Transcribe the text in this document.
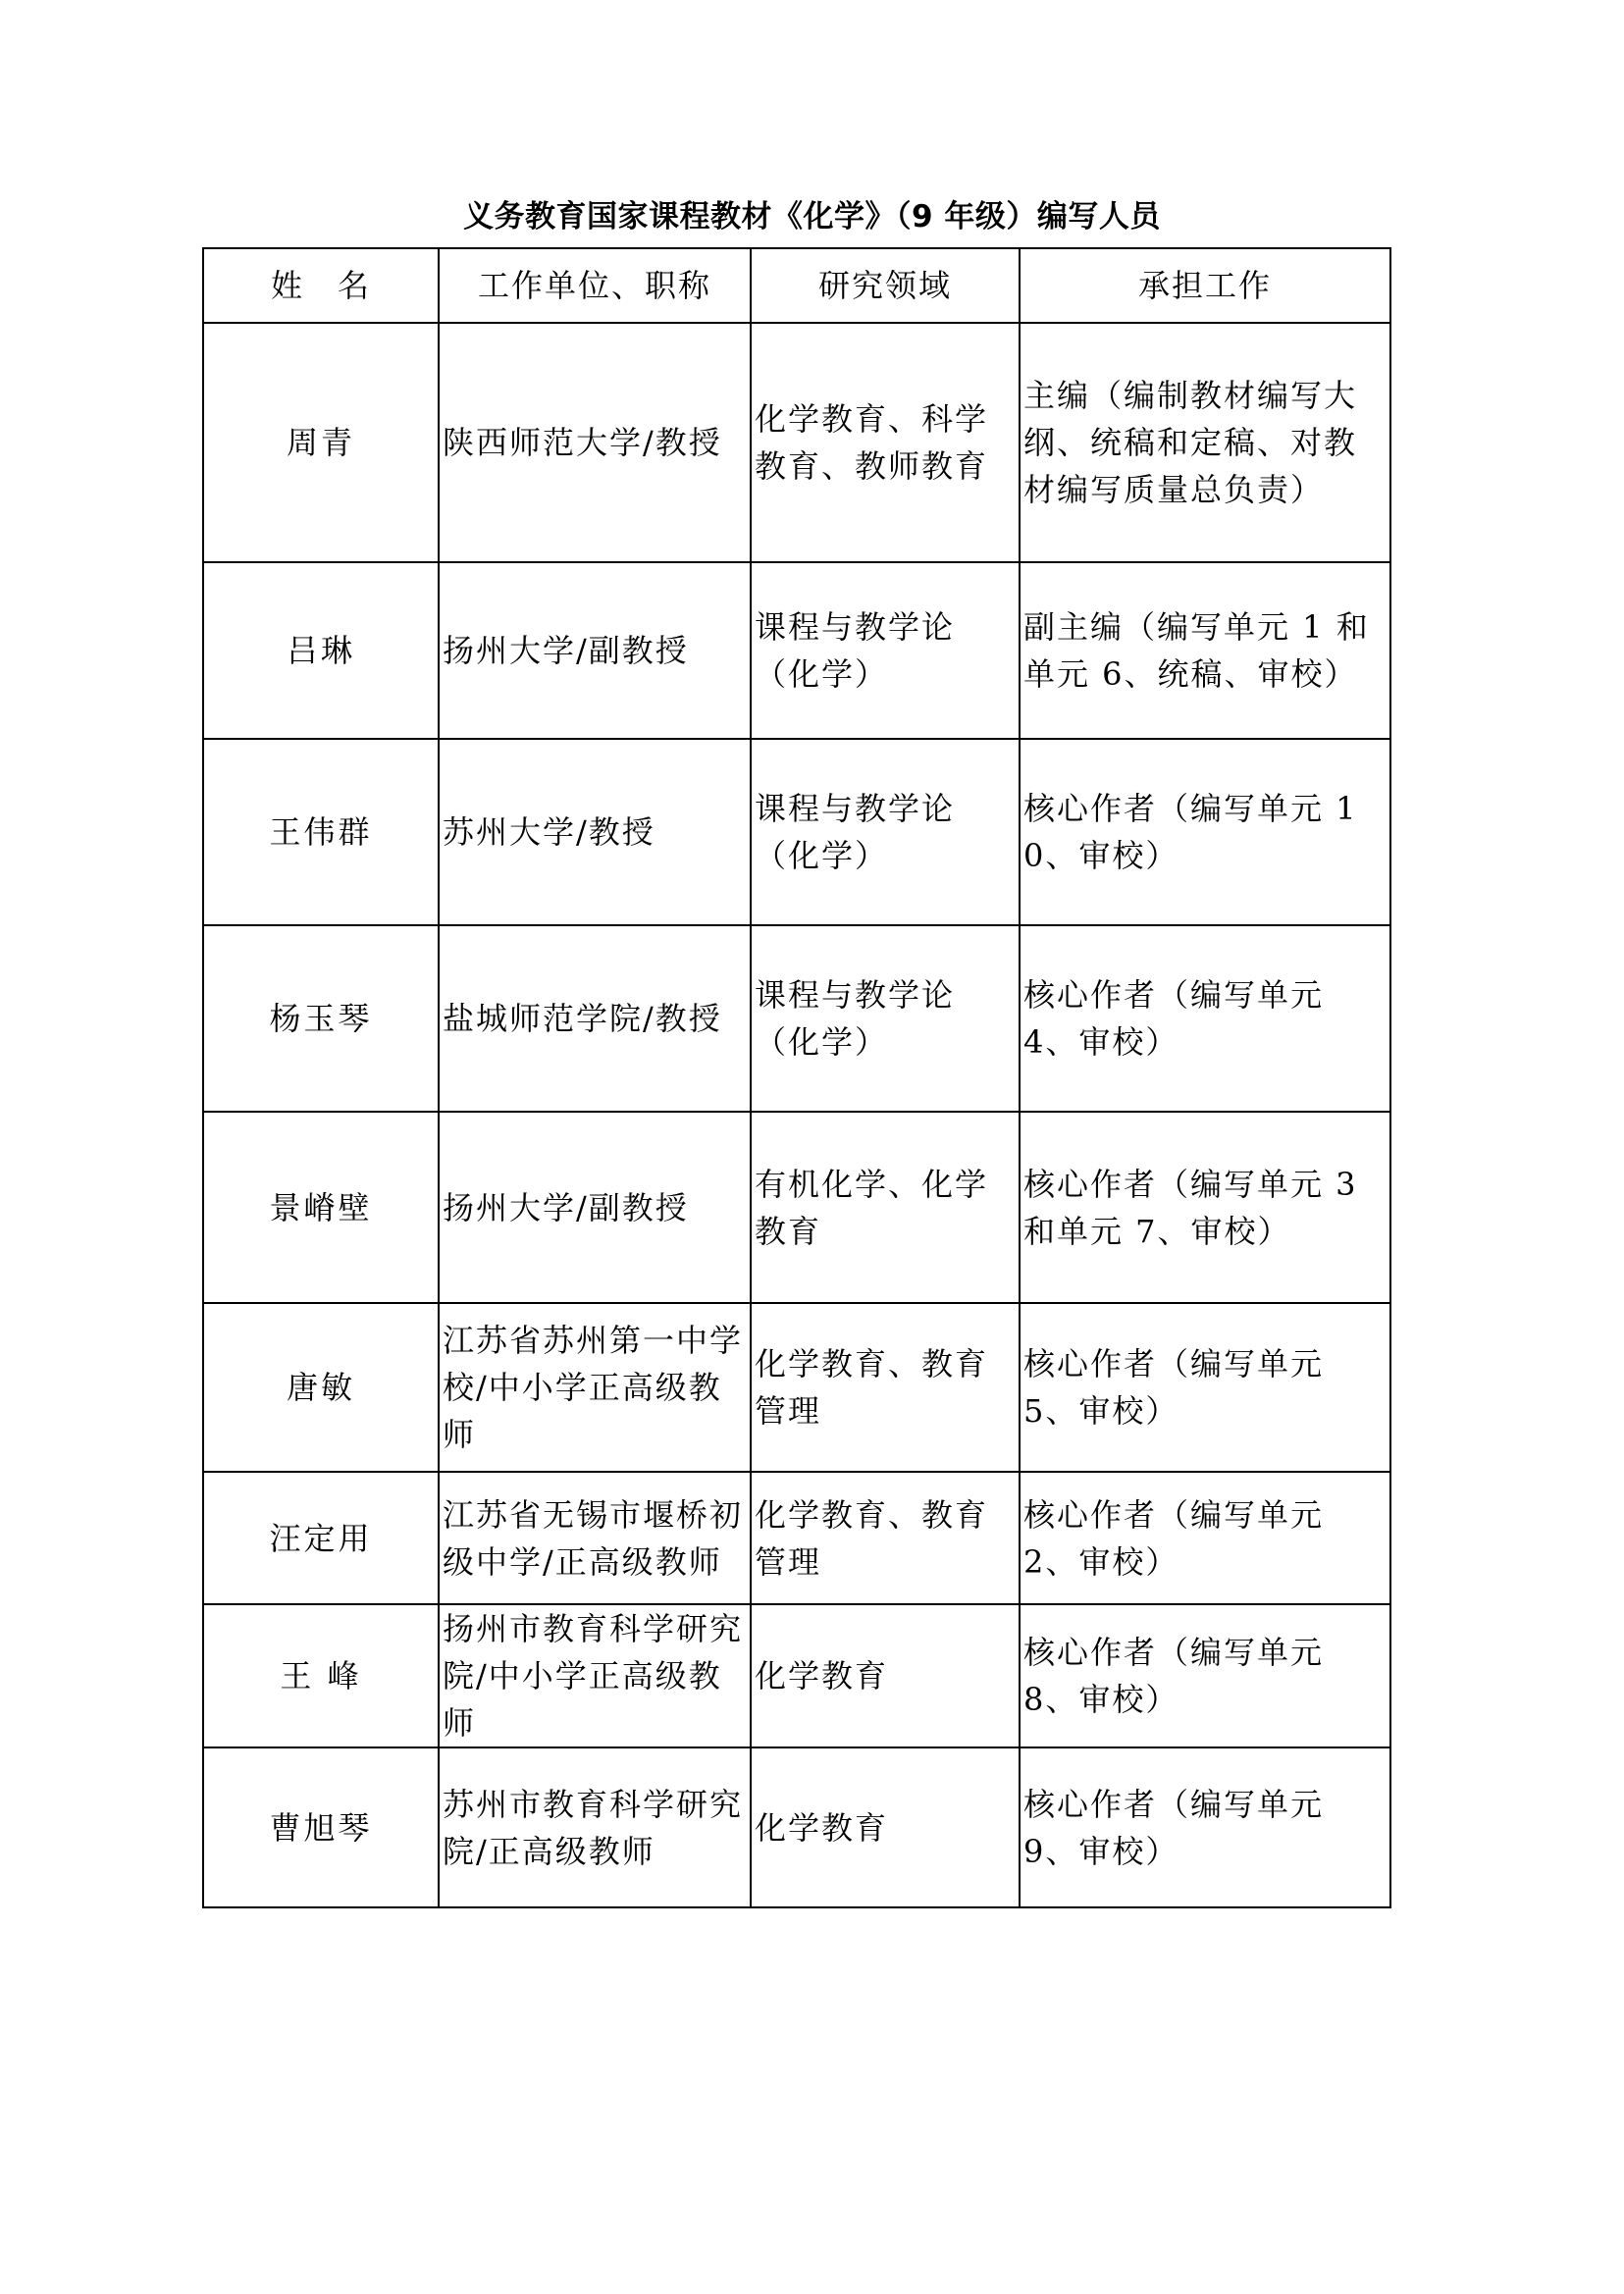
义务教育国家课程教材《化学》（9 年级）编写人员
姓　名	工作单位、职称	研究领域	承担工作
周青	陕西师范大学/教授	化学教育、科学教育、教师教育	主编（编制教材编写大纲、统稿和定稿、对教材编写质量总负责）
吕琳	扬州大学/副教授	课程与教学论（化学）	副主编（编写单元 1 和单元 6、统稿、审校）
王伟群	苏州大学/教授	课程与教学论（化学）	核心作者（编写单元 10、审校）
杨玉琴	盐城师范学院/教授	课程与教学论（化学）	核心作者（编写单元 4、审校）
景嵴壁	扬州大学/副教授	有机化学、化学教育	核心作者（编写单元 3 和单元 7、审校）
唐敏	江苏省苏州第一中学校/中小学正高级教师	化学教育、教育管理	核心作者（编写单元 5、审校）
汪定用	江苏省无锡市堰桥初级中学/正高级教师	化学教育、教育管理	核心作者（编写单元 2、审校）
王 峰	扬州市教育科学研究院/中小学正高级教师	化学教育	核心作者（编写单元 8、审校）
曹旭琴	苏州市教育科学研究院/正高级教师	化学教育	核心作者（编写单元 9、审校）
